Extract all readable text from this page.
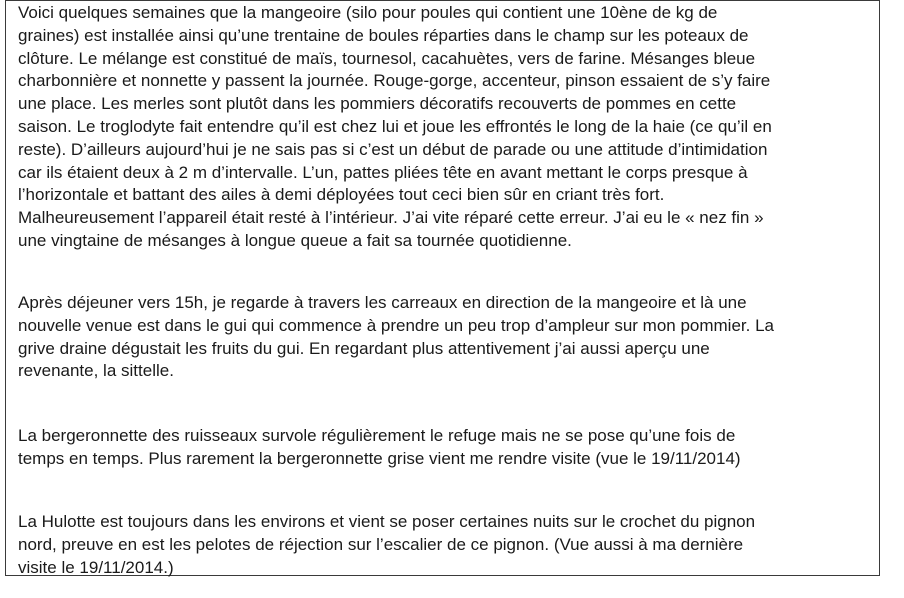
Voici quelques semaines que la mangeoire (silo pour poules qui contient une 10ène de kg de
graines) est installée ainsi qu’une trentaine de boules réparties dans le champ sur les poteaux de
clôture. Le mélange est constitué de maïs, tournesol, cacahuètes, vers de farine. Mésanges bleue
charbonnière et nonnette y passent la journée. Rouge-gorge, accenteur, pinson essaient de s’y faire
une place. Les merles sont plutôt dans les pommiers décoratifs recouverts de pommes en cette
saison. Le troglodyte fait entendre qu’il est chez lui et joue les effrontés le long de la haie (ce qu’il en
reste). D’ailleurs aujourd’hui je ne sais pas si c’est un début de parade ou une attitude d’intimidation
car ils étaient deux à 2 m d’intervalle. L’un, pattes pliées tête en avant mettant le corps presque à
l’horizontale et battant des ailes à demi déployées tout ceci bien sûr en criant très fort.
Malheureusement l’appareil était resté à l’intérieur. J’ai vite réparé cette erreur. J’ai eu le « nez fin »
une vingtaine de mésanges à longue queue a fait sa tournée quotidienne.

Après déjeuner vers 15h, je regarde à travers les carreaux en direction de la mangeoire et là une
nouvelle venue est dans le gui qui commence à prendre un peu trop d’ampleur sur mon pommier. La
grive draine dégustait les fruits du gui. En regardant plus attentivement j’ai aussi aperçu une
revenante, la sittelle.

La bergeronnette des ruisseaux survole régulièrement le refuge mais ne se pose qu’une fois de
temps en temps. Plus rarement la bergeronnette grise vient me rendre visite (vue le 19/11/2014)

La Hulotte est toujours dans les environs et vient se poser certaines nuits sur le crochet du pignon
nord, preuve en est les pelotes de réjection sur l’escalier de ce pignon. (Vue aussi à ma dernière
visite le 19/11/2014.)
